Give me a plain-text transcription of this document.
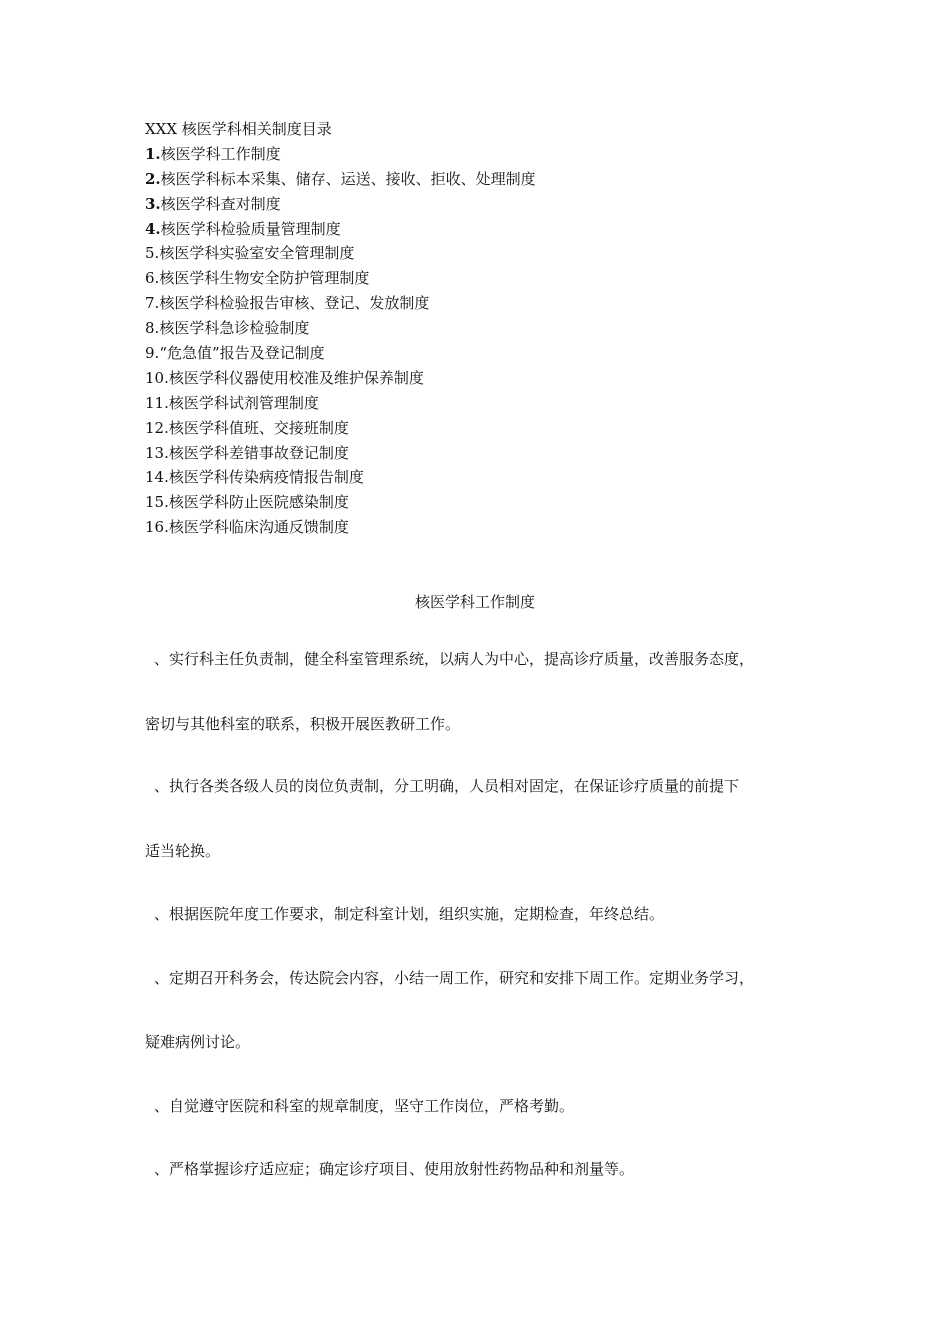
XXX 核医学科相关制度目录
1.核医学科工作制度
2.核医学科标本采集、储存、运送、接收、拒收、处理制度
3.核医学科查对制度
4.核医学科检验质量管理制度
5.核医学科实验室安全管理制度
6.核医学科生物安全防护管理制度
7.核医学科检验报告审核、登记、发放制度
8.核医学科急诊检验制度
9.“危急值”报告及登记制度
10.核医学科仪器使用校准及维护保养制度
11.核医学科试剂管理制度
12.核医学科值班、交接班制度
13.核医学科差错事故登记制度
14.核医学科传染病疫情报告制度
15.核医学科防止医院感染制度
16.核医学科临床沟通反馈制度
核医学科工作制度
、实行科主任负责制，健全科室管理系统，以病人为中心，提高诊疗质量，改善服务态度，
密切与其他科室的联系，积极开展医教研工作。
、执行各类各级人员的岗位负责制，分工明确，人员相对固定，在保证诊疗质量的前提下
适当轮换。
、根据医院年度工作要求，制定科室计划，组织实施，定期检查，年终总结。
、定期召开科务会，传达院会内容，小结一周工作，研究和安排下周工作。定期业务学习，
疑难病例讨论。
、自觉遵守医院和科室的规章制度，坚守工作岗位，严格考勤。
、严格掌握诊疗适应症；确定诊疗项目、使用放射性药物品种和剂量等。
